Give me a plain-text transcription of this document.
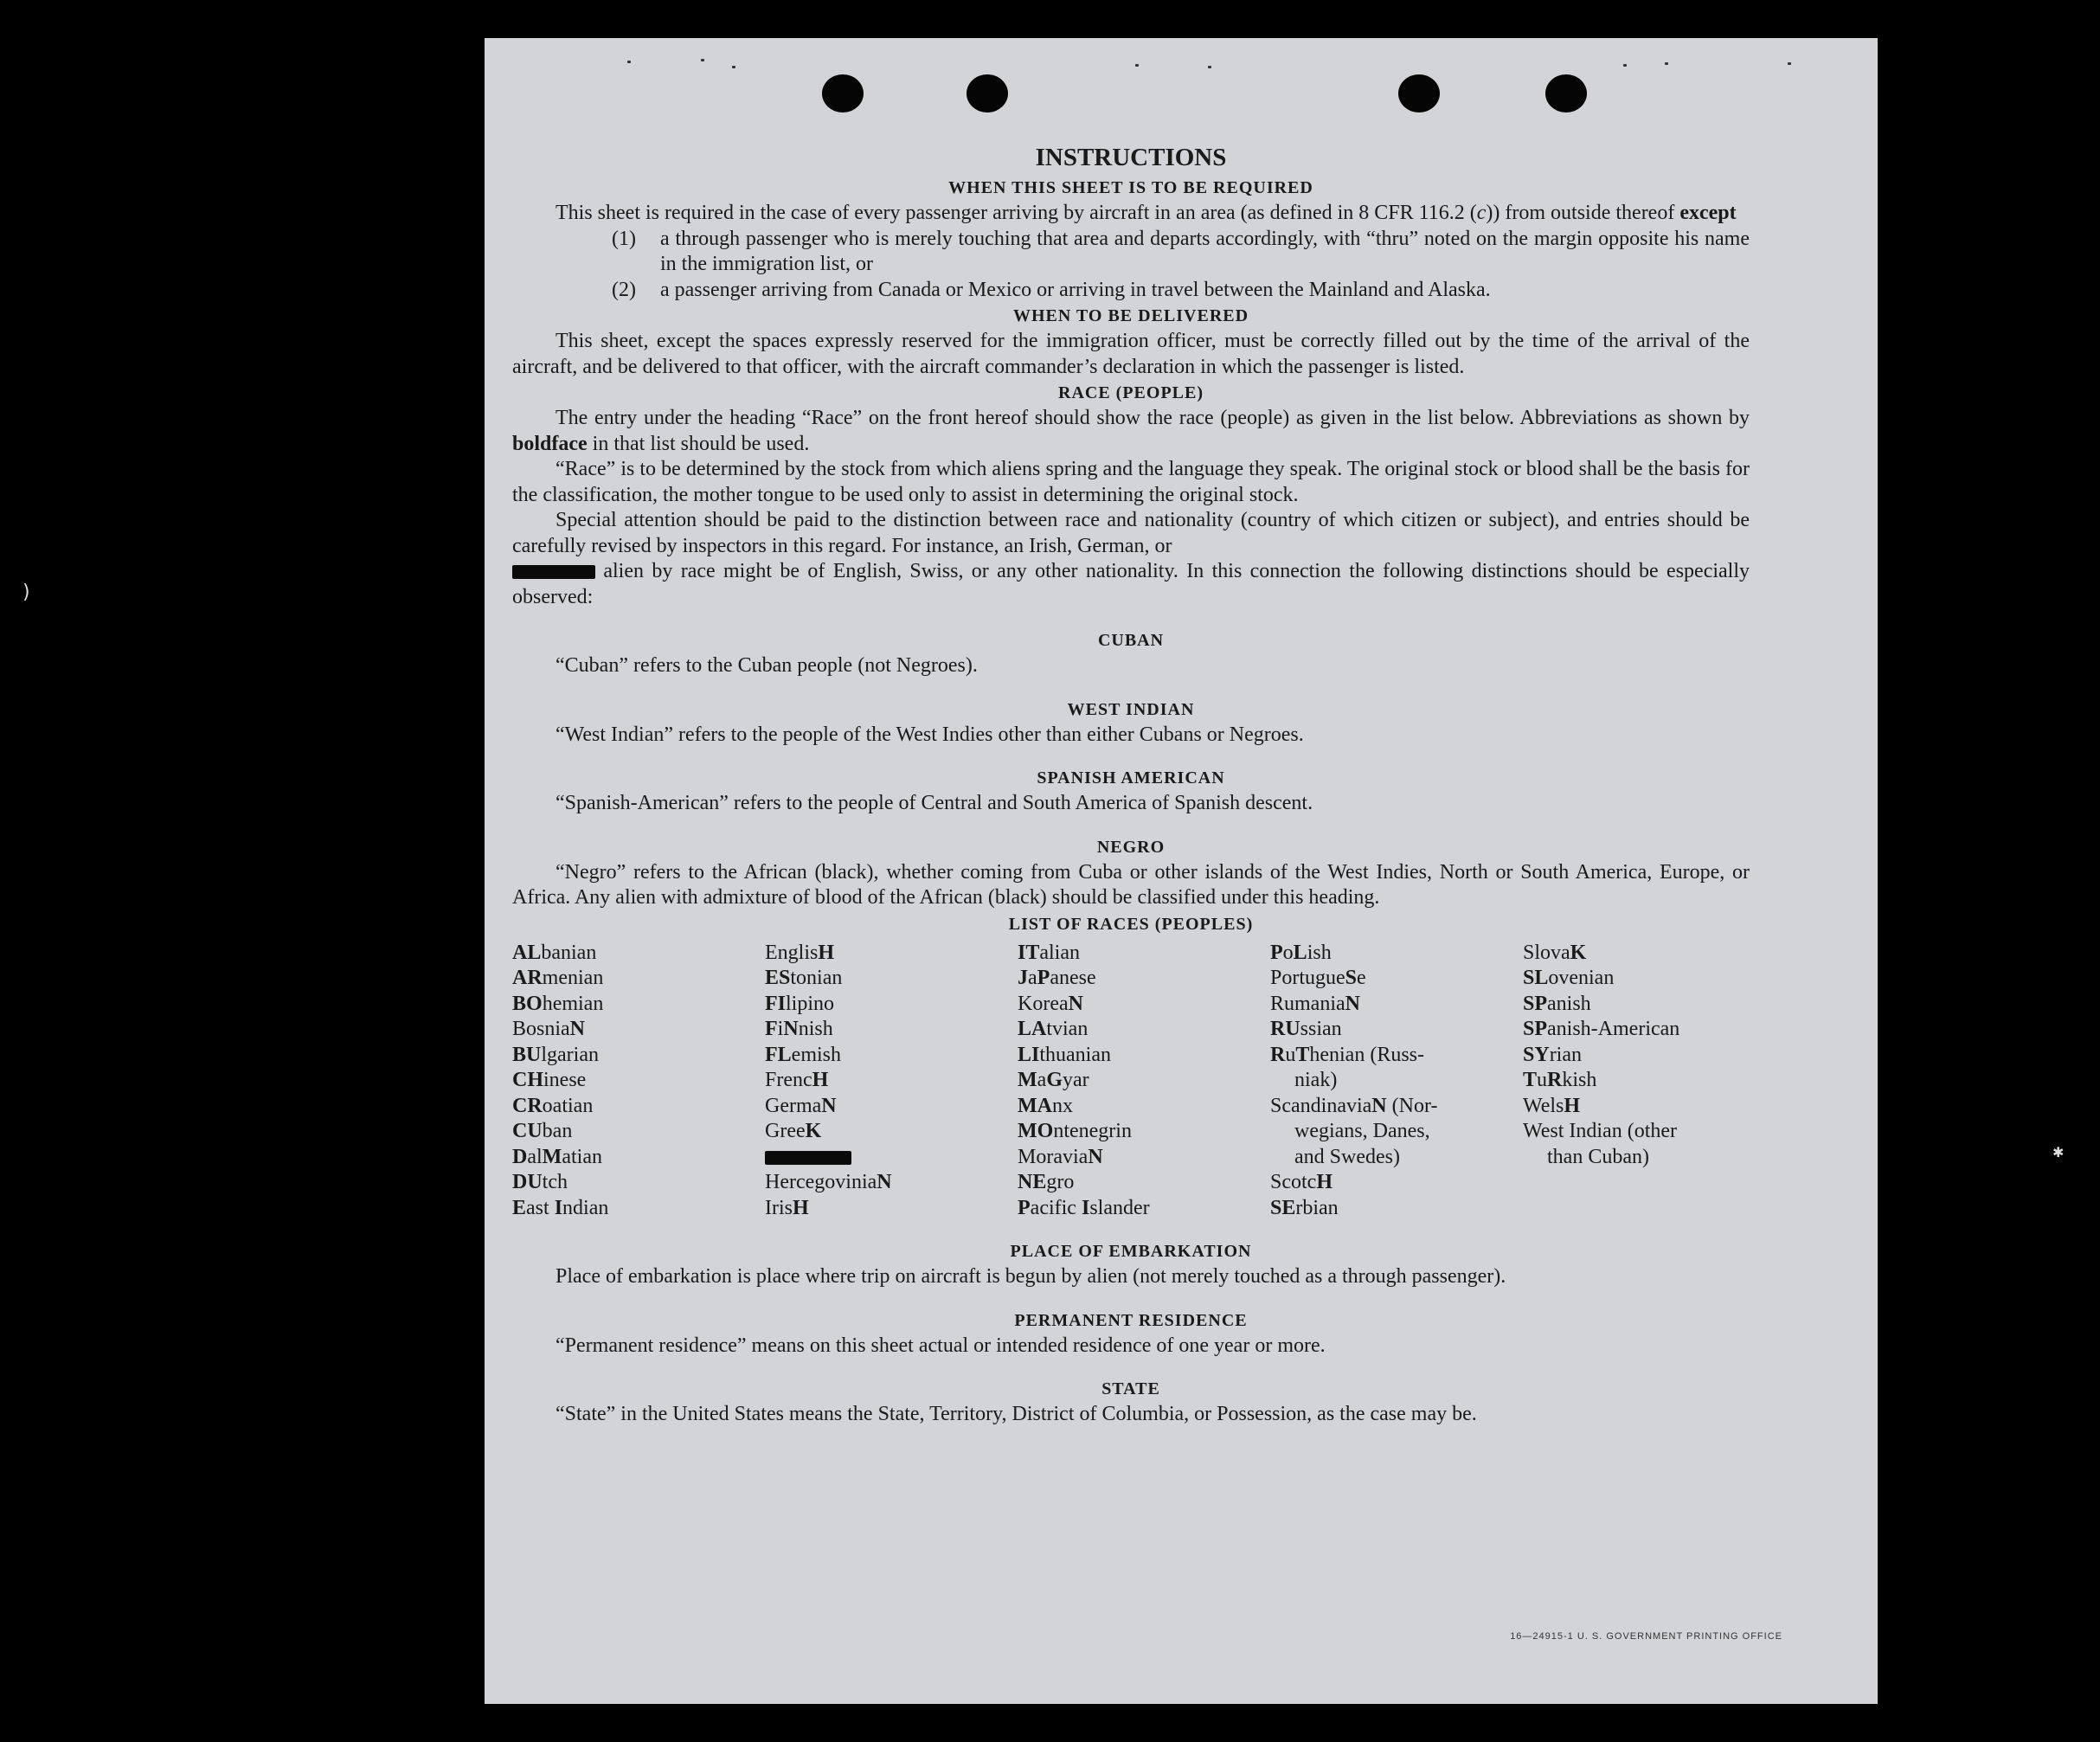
INSTRUCTIONS
WHEN THIS SHEET IS TO BE REQUIRED

This sheet is required in the case of every passenger arriving by aircraft in an area (as defined in 8 CFR 116.2 (c)) from outside thereof except

(1)	a through passenger who is merely touching that area and departs accordingly, with “thru” noted on the margin opposite his name in the immigration list, or
(2)	a passenger arriving from Canada or Mexico or arriving in travel between the Mainland and Alaska.
WHEN TO BE DELIVERED

This sheet, except the spaces expressly reserved for the immigration officer, must be correctly filled out by the time of the arrival of the aircraft, and be delivered to that officer, with the aircraft commander’s declaration in which the passenger is listed.

RACE (PEOPLE)

The entry under the heading “Race” on the front hereof should show the race (people) as given in the list below. Abbreviations as shown by boldface in that list should be used.

“Race” is to be determined by the stock from which aliens spring and the language they speak. The original stock or blood shall be the basis for the classification, the mother tongue to be used only to assist in determining the original stock.

Special attention should be paid to the distinction between race and nationality (country of which citizen or subject), and entries should be carefully revised by inspectors in this regard. For instance, an Irish, German, or
alien by race might be of English, Swiss, or any other nationality. In this connection the following distinctions should be especially observed:

CUBAN

“Cuban” refers to the Cuban people (not Negroes).

WEST INDIAN

“West Indian” refers to the people of the West Indies other than either Cubans or Negroes.

SPANISH AMERICAN

“Spanish-American” refers to the people of Central and South America of Spanish descent.

NEGRO

“Negro” refers to the African (black), whether coming from Cuba or other islands of the West Indies, North or South America, Europe, or Africa. Any alien with admixture of blood of the African (black) should be classified under this heading.

LIST OF RACES (PEOPLES)
ALbanian
ARmenian
BOhemian
BosniaN
BUlgarian
CHinese
CRoatian
CUban
DalMatian
DUtch
East Indian
EnglisH
EStonian
FIlipino
FiNnish
FLemish
FrencH
GermaN
GreeK
HercegoviniaN
IrisH
ITalian
JaPanese
KoreaN
LAtvian
LIthuanian
MaGyar
MAnx
MOntenegrin
MoraviaN
NEgro
Pacific Islander
PoLish
PortugueSe
RumaniaN
RUssian
RuThenian (Russ-
niak)
ScandinaviaN (Nor-
wegians, Danes,
and Swedes)
ScotcH
SErbian
SlovaK
SLovenian
SPanish
SPanish-American
SYrian
TuRkish
WelsH
West Indian (other
than Cuban)
PLACE OF EMBARKATION

Place of embarkation is place where trip on aircraft is begun by alien (not merely touched as a through passenger).

PERMANENT RESIDENCE

“Permanent residence” means on this sheet actual or intended residence of one year or more.

STATE

“State” in the United States means the State, Territory, District of Columbia, or Possession, as the case may be.

16—24915-1 U. S. GOVERNMENT PRINTING OFFICE
)
✱
